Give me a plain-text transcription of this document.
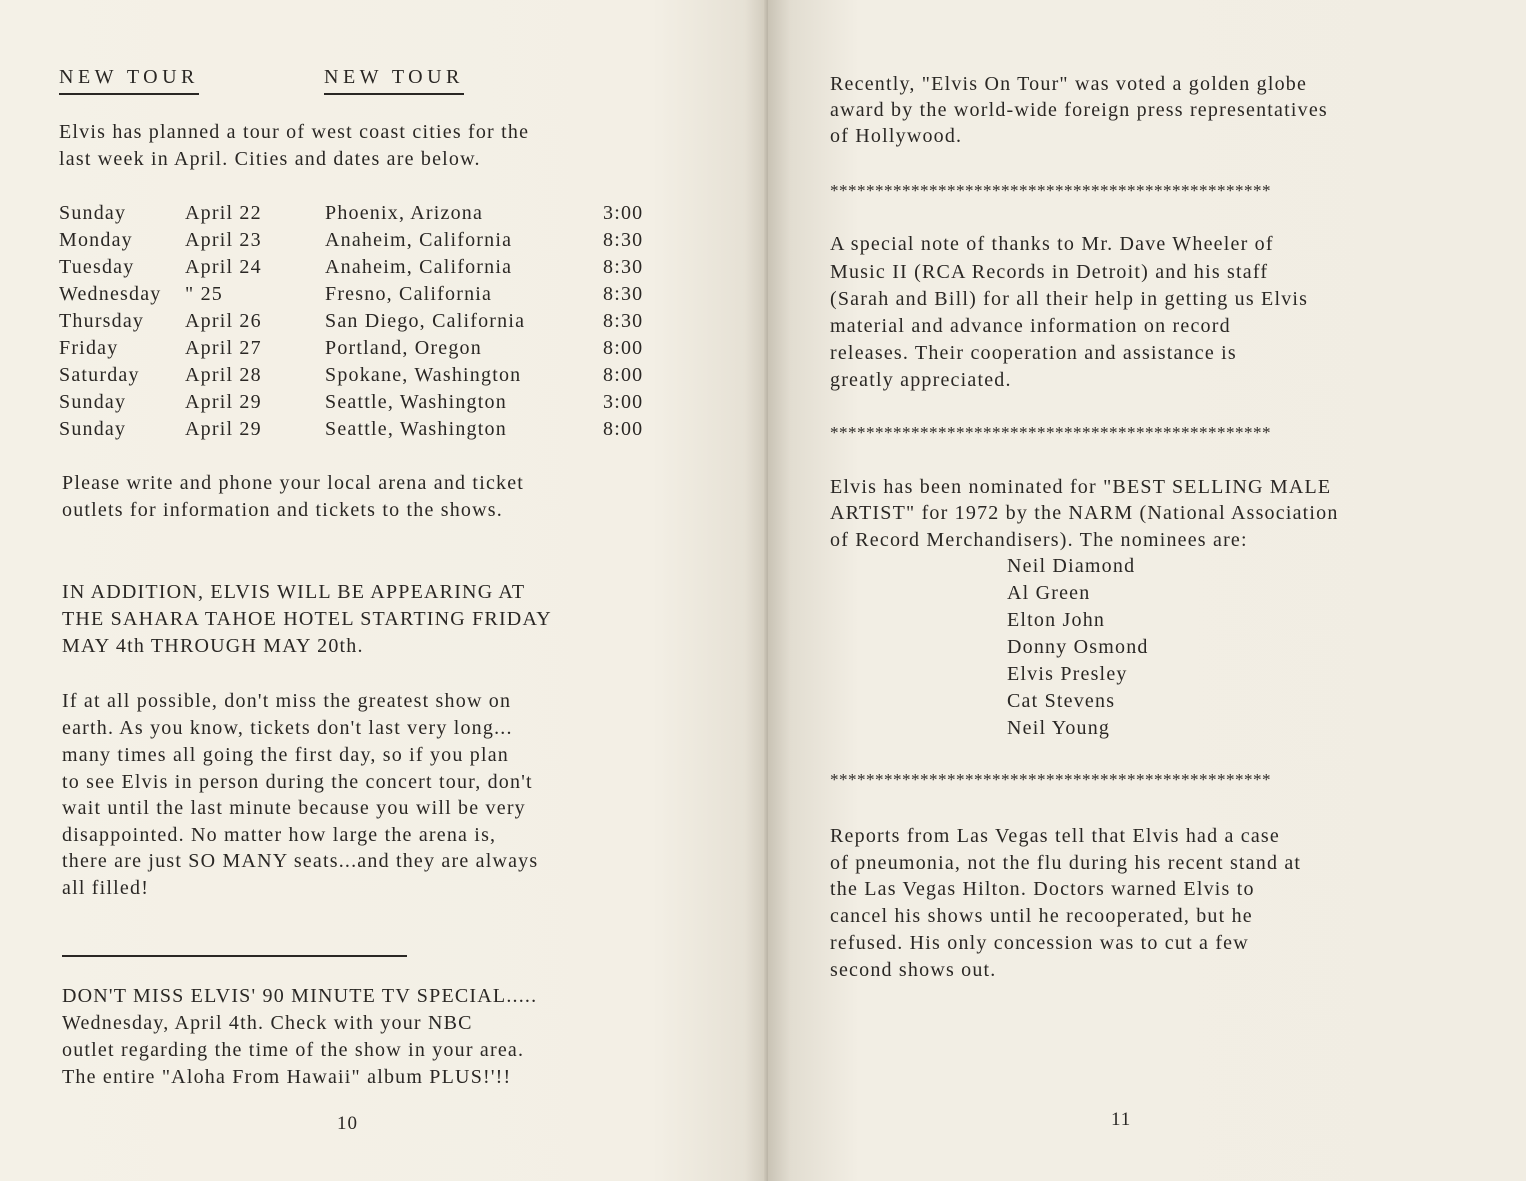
NEW TOUR	NEW TOUR
Elvis has planned a tour of west coast cities for the
last week in April. Cities and dates are below.
Sunday	April 22	Phoenix, Arizona	3:00
Monday	April 23	Anaheim, California	8:30
Tuesday	April 24	Anaheim, California	8:30
Wednesday	" 25	Fresno, California	8:30
Thursday	April 26	San Diego, California	8:30
Friday	April 27	Portland, Oregon	8:00
Saturday	April 28	Spokane, Washington	8:00
Sunday	April 29	Seattle, Washington	3:00
Sunday	April 29	Seattle, Washington	8:00
Please write and phone your local arena and ticket
outlets for information and tickets to the shows.
IN ADDITION, ELVIS WILL BE APPEARING AT
THE SAHARA TAHOE HOTEL STARTING FRIDAY
MAY 4th THROUGH MAY 20th.
If at all possible, don't miss the greatest show on
earth. As you know, tickets don't last very long...
many times all going the first day, so if you plan
to see Elvis in person during the concert tour, don't
wait until the last minute because you will be very
disappointed. No matter how large the arena is,
there are just SO MANY seats...and they are always
all filled!
DON'T MISS ELVIS' 90 MINUTE TV SPECIAL.....
Wednesday, April 4th. Check with your NBC
outlet regarding the time of the show in your area.
The entire "Aloha From Hawaii" album PLUS!'!!
10
Recently, "Elvis On Tour" was voted a golden globe
award by the world-wide foreign press representatives
of Hollywood.
*************************************************
A special note of thanks to Mr. Dave Wheeler of
Music II (RCA Records in Detroit) and his staff
(Sarah and Bill) for all their help in getting us Elvis
material and advance information on record
releases. Their cooperation and assistance is
greatly appreciated.
*************************************************
Elvis has been nominated for "BEST SELLING MALE
ARTIST" for 1972 by the NARM (National Association
of Record Merchandisers). The nominees are:
*************************************************
Reports from Las Vegas tell that Elvis had a case
of pneumonia, not the flu during his recent stand at
the Las Vegas Hilton. Doctors warned Elvis to
cancel his shows until he recooperated, but he
refused. His only concession was to cut a few
second shows out.
11
Neil Diamond
Al Green
Elton John
Donny Osmond
Elvis Presley
Cat Stevens
Neil Young
